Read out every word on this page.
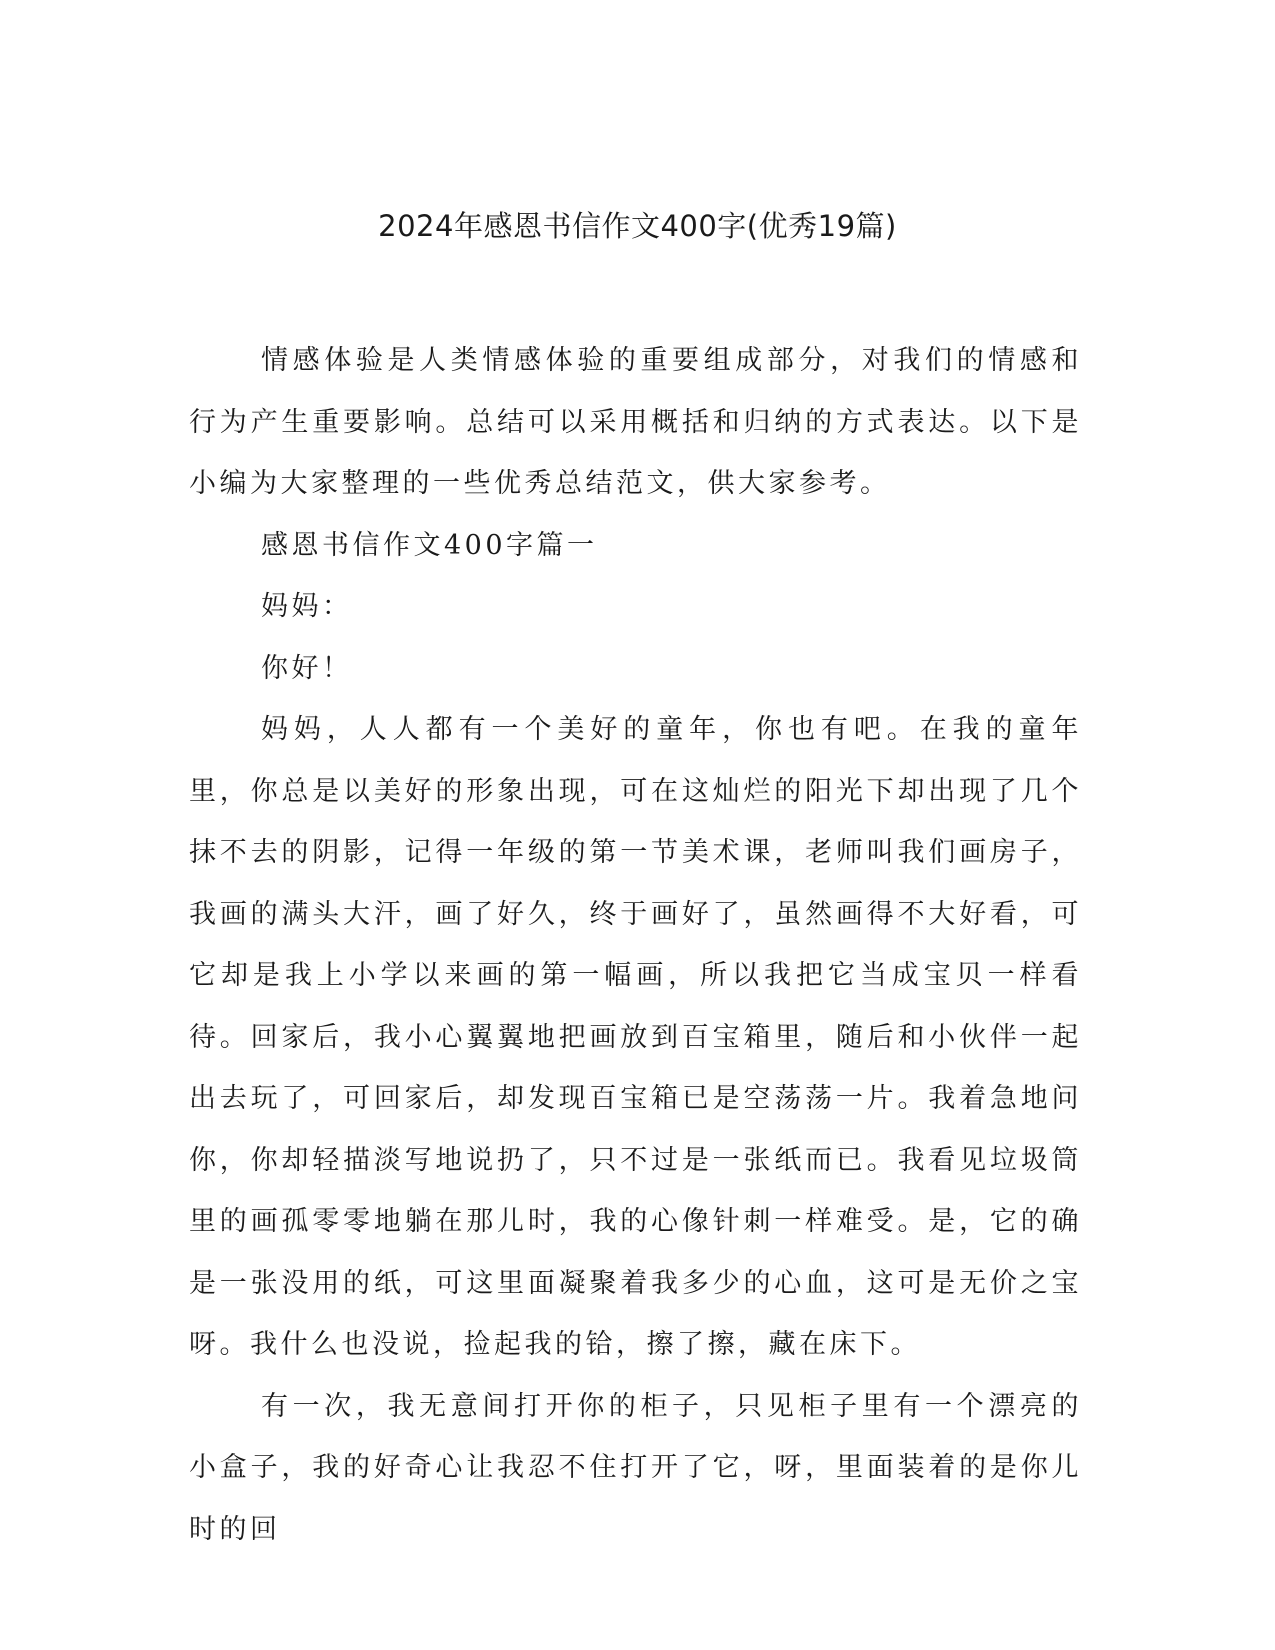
2024年感恩书信作文400字(优秀19篇)

情感体验是人类情感体验的重要组成部分，对我们的情感和行为产生重要影响。总结可以采用概括和归纳的方式表达。以下是小编为大家整理的一些优秀总结范文，供大家参考。

感恩书信作文400字篇一

妈妈：

你好！

妈妈，人人都有一个美好的童年，你也有吧。在我的童年里，你总是以美好的形象出现，可在这灿烂的阳光下却出现了几个抹不去的阴影，记得一年级的第一节美术课，老师叫我们画房子，我画的满头大汗，画了好久，终于画好了，虽然画得不大好看，可它却是我上小学以来画的第一幅画，所以我把它当成宝贝一样看待。回家后，我小心翼翼地把画放到百宝箱里，随后和小伙伴一起出去玩了，可回家后，却发现百宝箱已是空荡荡一片。我着急地问你，你却轻描淡写地说扔了，只不过是一张纸而已。我看见垃圾筒里的画孤零零地躺在那儿时，我的心像针刺一样难受。是，它的确是一张没用的纸，可这里面凝聚着我多少的心血，这可是无价之宝呀。我什么也没说，捡起我的铪，擦了擦，藏在床下。

有一次，我无意间打开你的柜子，只见柜子里有一个漂亮的小盒子，我的好奇心让我忍不住打开了它，呀，里面装着的是你儿时的回
